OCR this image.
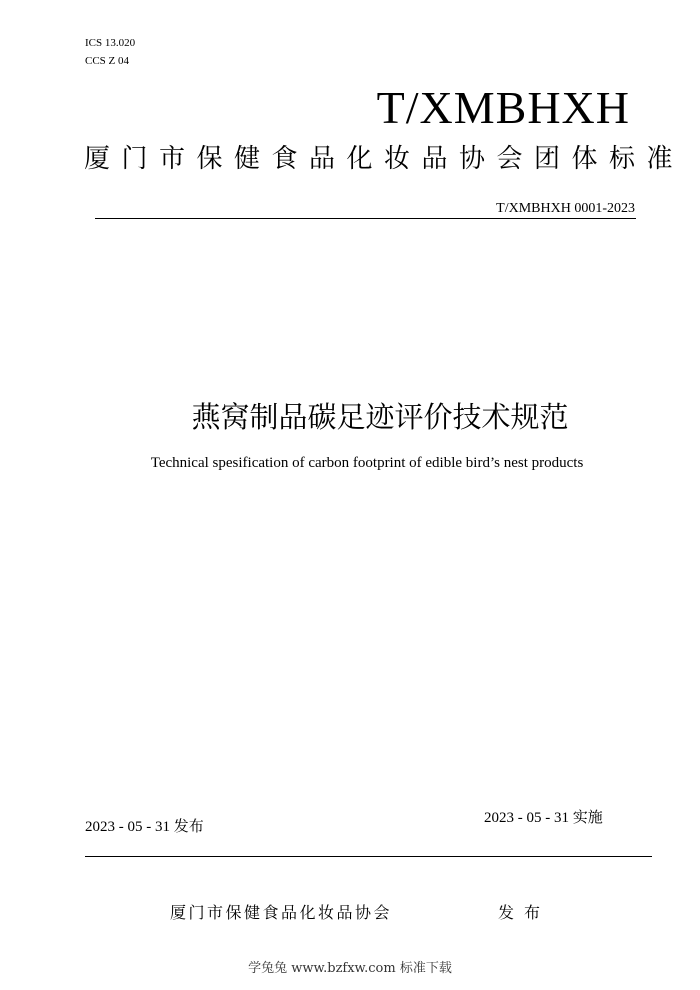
ICS 13.020
CCS Z 04
T/XMBHXH
厦门市保健食品化妆品协会团体标准
T/XMBHXH 0001-2023
燕窝制品碳足迹评价技术规范
Technical spesification of carbon footprint of edible bird’s nest products
2023 - 05 - 31 发布
2023 - 05 - 31 实施
厦门市保健食品化妆品协会	发布
学兔兔 www.bzfxw.com 标准下载
